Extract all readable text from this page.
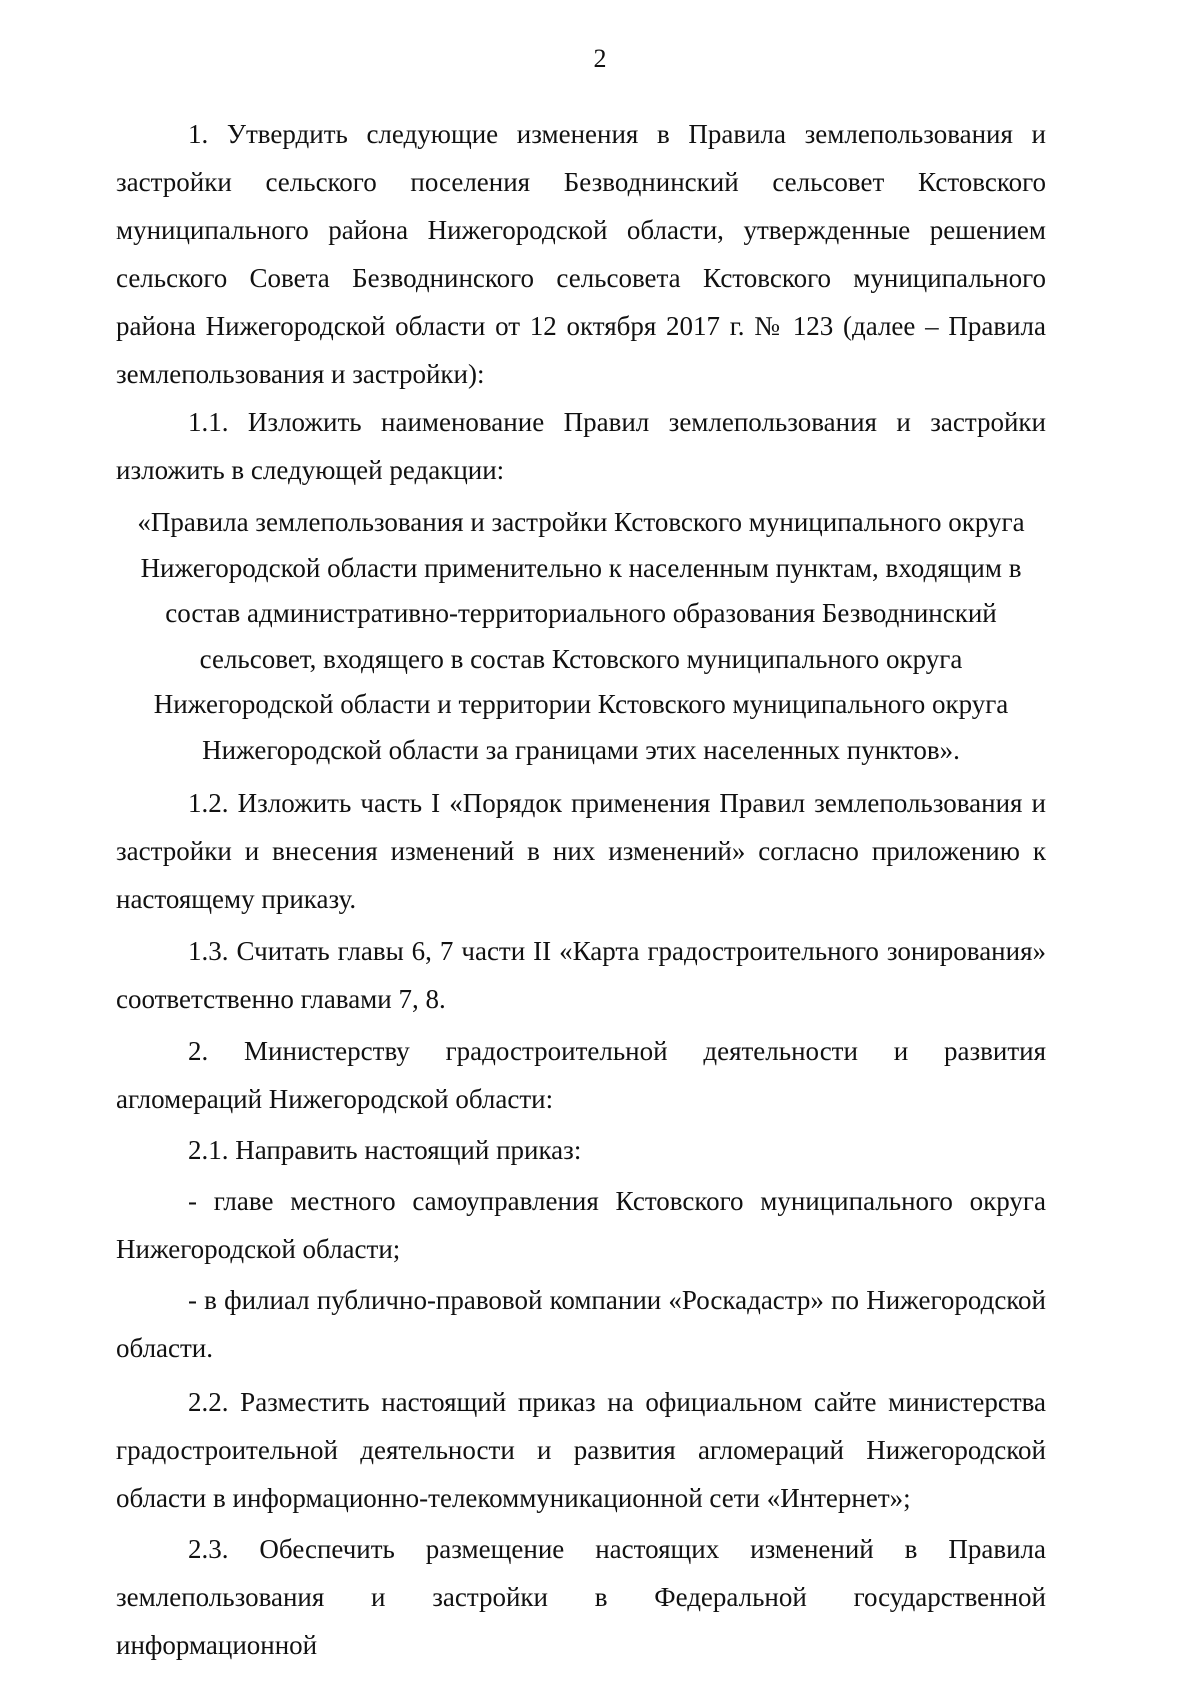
2

1. Утвердить следующие изменения в Правила землепользования и застройки сельского поселения Безводнинский сельсовет Кстовского муниципального района Нижегородской области, утвержденные решением сельского Совета Безводнинского сельсовета Кстовского муниципального района Нижегородской области от 12 октября 2017 г. № 123 (далее – Правила землепользования и застройки):

1.1. Изложить наименование Правил землепользования и застройки изложить в следующей редакции:

«Правила землепользования и застройки Кстовского муниципального округа Нижегородской области применительно к населенным пунктам, входящим в состав административно-территориального образования Безводнинский сельсовет, входящего в состав Кстовского муниципального округа Нижегородской области и территории Кстовского муниципального округа Нижегородской области за границами этих населенных пунктов».

1.2. Изложить часть I «Порядок применения Правил землепользования и застройки и внесения изменений в них изменений» согласно приложению к настоящему приказу.

1.3. Считать главы 6, 7 части II «Карта градостроительного зонирования» соответственно главами 7, 8.

2. Министерству градостроительной деятельности и развития агломераций Нижегородской области:

2.1. Направить настоящий приказ:

- главе местного самоуправления Кстовского муниципального округа Нижегородской области;

- в филиал публично-правовой компании «Роскадастр» по Нижегородской области.

2.2. Разместить настоящий приказ на официальном сайте министерства градостроительной деятельности и развития агломераций Нижегородской области в информационно-телекоммуникационной сети «Интернет»;

2.3. Обеспечить размещение настоящих изменений в Правила землепользования и застройки в Федеральной государственной информационной
